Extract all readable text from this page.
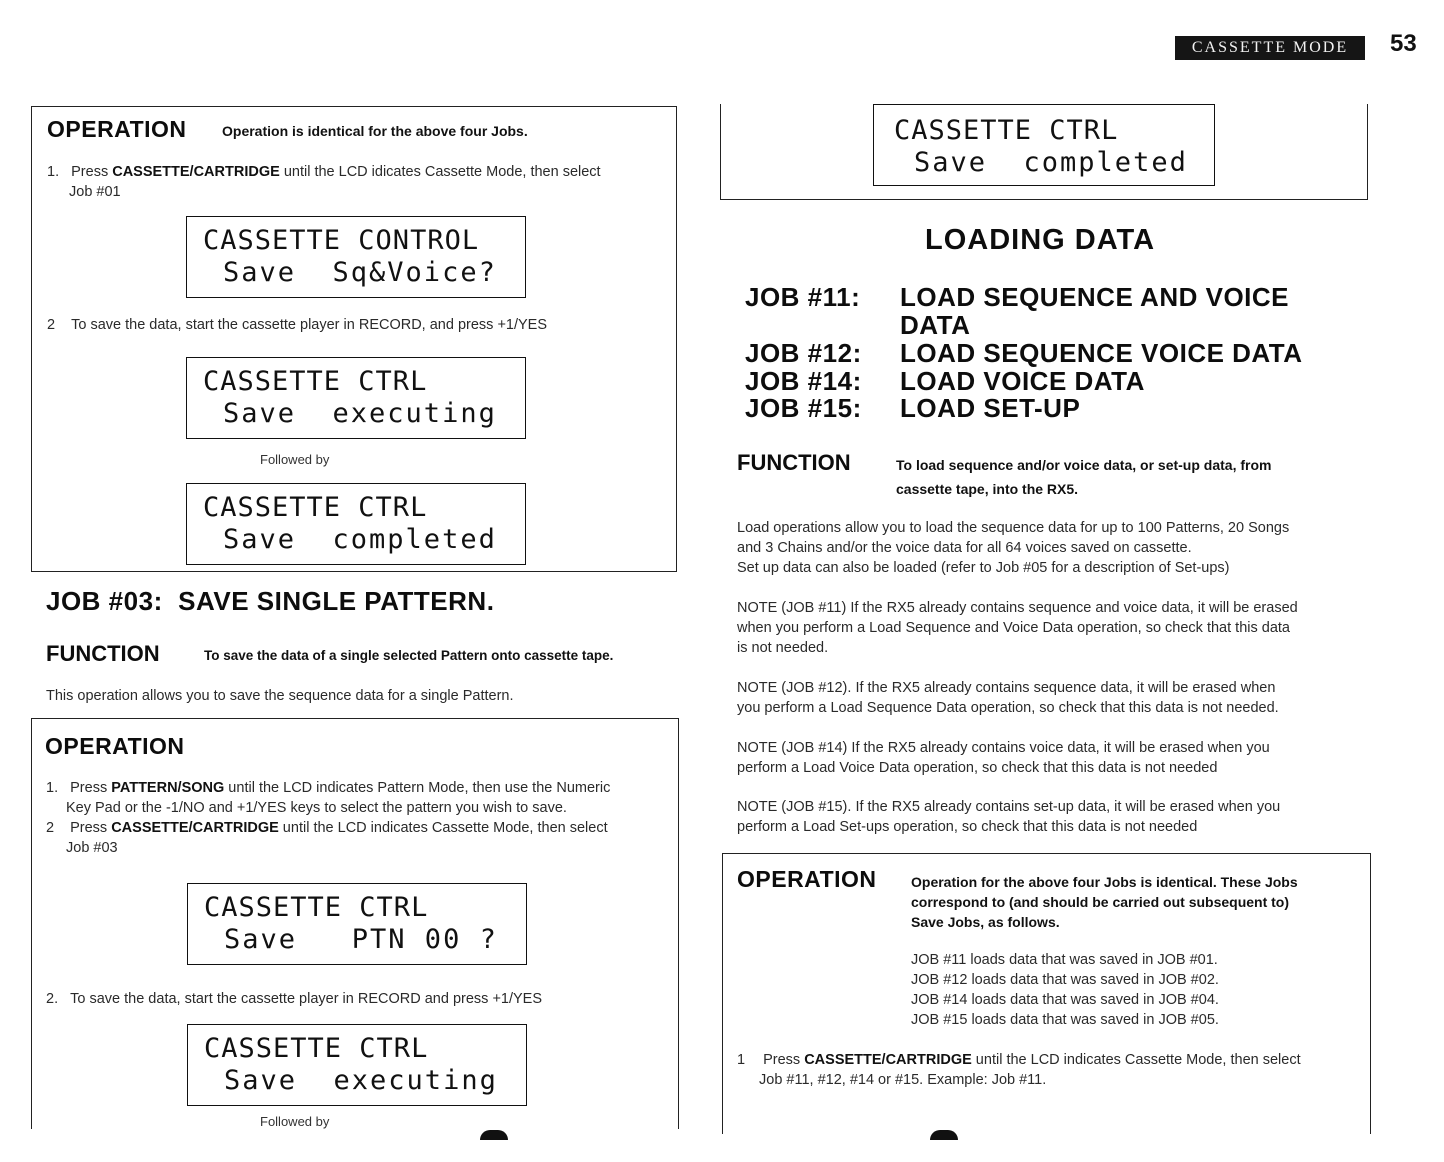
CASSETTE MODE	53
OPERATION	Operation is identical for the above four Jobs.
1. Press CASSETTE/CARTRIDGE until the LCD idicates Cassette Mode, then select
Job #01
CASSETTE CONTROL
Save  Sq&Voice?
2 To save the data, start the cassette player in RECORD, and press +1/YES
CASSETTE CTRL
Save  executing
Followed by
CASSETTE CTRL
Save  completed
JOB #03:  SAVE SINGLE PATTERN.
FUNCTION	To save the data of a single selected Pattern onto cassette tape.
This operation allows you to save the sequence data for a single Pattern.
OPERATION
1. Press PATTERN/SONG until the LCD indicates Pattern Mode, then use the Numeric
Key Pad or the -1/NO and +1/YES keys to select the pattern you wish to save.
2 Press CASSETTE/CARTRIDGE until the LCD indicates Cassette Mode, then select
Job #03
CASSETTE CTRL
Save   PTN 00 ?
2. To save the data, start the cassette player in RECORD and press +1/YES
CASSETTE CTRL
Save  executing
Followed by
CASSETTE CTRL
Save  completed
LOADING DATA
JOB #11: LOAD SEQUENCE AND VOICE
DATA
JOB #12: LOAD SEQUENCE VOICE DATA
JOB #14: LOAD VOICE DATA
JOB #15: LOAD SET-UP
FUNCTION	To load sequence and/or voice data, or set-up data, from
cassette tape, into the RX5.
Load operations allow you to load the sequence data for up to 100 Patterns, 20 Songs
and 3 Chains and/or the voice data for all 64 voices saved on cassette.
Set up data can also be loaded (refer to Job #05 for a description of Set-ups)
NOTE (JOB #11) If the RX5 already contains sequence and voice data, it will be erased
when you perform a Load Sequence and Voice Data operation, so check that this data
is not needed.
NOTE (JOB #12). If the RX5 already contains sequence data, it will be erased when
you perform a Load Sequence Data operation, so check that this data is not needed.
NOTE (JOB #14) If the RX5 already contains voice data, it will be erased when you
perform a Load Voice Data operation, so check that this data is not needed
NOTE (JOB #15). If the RX5 already contains set-up data, it will be erased when you
perform a Load Set-ups operation, so check that this data is not needed
OPERATION Operation for the above four Jobs is identical. These Jobs
correspond to (and should be carried out subsequent to)
Save Jobs, as follows.
JOB #11 loads data that was saved in JOB #01.
JOB #12 loads data that was saved in JOB #02.
JOB #14 loads data that was saved in JOB #04.
JOB #15 loads data that was saved in JOB #05.
1 Press CASSETTE/CARTRIDGE until the LCD indicates Cassette Mode, then select
Job #11, #12, #14 or #15. Example: Job #11.
